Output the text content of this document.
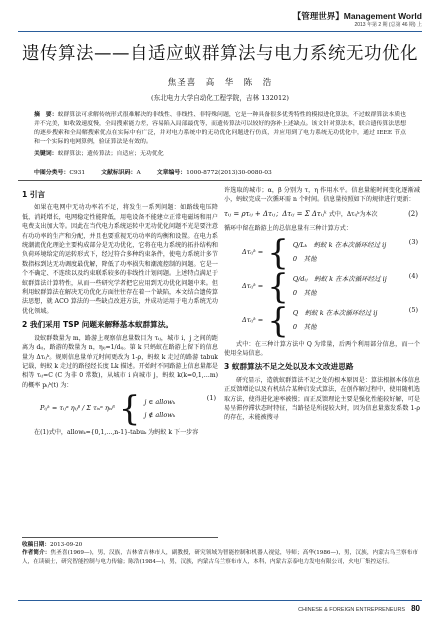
░░
【管理世界】Management World
2013 年第 2 期 (总第 46 期) 上
遗传算法——自适应蚁群算法与电力系统无功优化
焦圣喜　高　华　陈　浩
(东北电力大学自动化工程学院，吉林 132012)
摘　要：蚁群算法可求解传统形式很难解决的非线性、非线性、非特殊问题，它是一种具备很多优秀特性的模拟进化算法，不过蚁群算法本质也并不完美，如收敛速度慢，全局搜索能力差，容易陷入局部最优等，而遗传算法可以较好的弥补上述缺点。该文针对算法本，联合遗传算法思想的逐步搜索和全局解搜索优点在实际中有广泛，并对电力系统中的无功优化问题进行仿真，并应用到了电力系统无功优化中，通过 IEEE 节点和一个实际的电网算例，验证算法是有效的。
关键词：蚁群算法；遗传算法；自适应；无功优化
中图分类号：C931	文献标识码：A	文章编号：1000-8772(2013)30-0080-03
1 引言

如果在电网中无功功率若不足，将发生一系列问题：如路线电压降低，消耗增长，电网稳定性能降低，用电设备不能建立正常电磁场和用户电费支出加大等。因此在当代电力系统运转中无功优化问题不光是要注意有功功率的生产和分配，并且也要重视无功功率的均衡和设置。在电力系统潮流优化理论主要构成部分是无功优化，它将在电力系统的拓扑结构和负荷环境给定的运转形式下，经过符合多种约束条件，使电力系统计多节数指标到达无功调度最优解，降低了功率损失和潮流控制的问题。它是一个不确定、不连续以及约束联系较多的非线性计划问题。上述特点满足于蚁群算法计算特性，从而一些研究学者把它应用到无功优化问题中来。但利用蚁群算法在解决无功优化方面往往存在着一个缺陷，本文结合遗传算法思想，就 ACO 算法的一些缺点改进方法，并成功运用于电力系统无功优化领域。

2 我们采用 TSP 问题来解释基本蚁群算法。

设蚁群数量为 m，路游上观察信息量数目为 τᵢⱼ，城市 i，j 之间的距离为 dᵢⱼ，路游的数量为 n，ηᵢⱼ=1/dᵢⱼ。第 k 只蚂蚁在路游上留下的信息量为 Δτᵢⱼᵏ。规则信息量单元时间更改为 1-ρ，蚂蚁 k 走过的路游 tabuk 记载，蚂蚁 k 走过的路径经长度 Lk 描述。开始时不同路游上信息量都是相等 τᵢⱼ=C (C 为非 0 常数)，从城市 i 向城市 j，蚂蚁 k(k=0,1,…m) 的概率 pᵢⱼᵏ(t) 为：

Pᵢⱼᵏ = τᵢⱼᵅ ηᵢⱼᵝ / Σ τᵢₛᵅ ηᵢₛᵝ { j ∈ allowₖ
j ∉ allowₖ
(1)

在(1)式中，allowₖ={0,1,…,n-1}-tabuₖ 为蚂蚁 k 下一步容

许选取的城市；α，β 分别为 τ，η 作用水平。信息量能时间变化逐渐减小，蚂蚁完成一次循环需 n 个时间。信息量按照如下的规律进行更新：

τᵢⱼ = ρτᵢⱼ + Δτᵢⱼ；Δτᵢⱼ = Σ Δτᵢⱼᵏ 式中，Δτᵢⱼᵏ为本次	(2)

循环中留在路游上的总信息量有三种计算方式：

Δτᵢⱼᵏ = { Q/Lₖ　蚂蚁 k 在本次循环经过 ij
0　其他
(3)
Δτᵢⱼᵏ = { Q/dᵢⱼ　蚂蚁 k 在本次循环经过 ij
0　其他
(4)
Δτᵢⱼᵏ = { Q　蚂蚁 k 在本次循环经过 ij
0　其他
(5)

式中：在三种计算方法中 Q 为常量，后两个利用部分信息，而一个使用全局信息。

3 蚁群算法不足之处以及本文改进思路

研究显示，造就蚁群算法不足之处的根本原因是：算法根据本体信息正反馈增论以及有机结合某种启发式算法，在创作解过程中，使用随机选取方法，使得进化速率被慢；而正反馈理论主要是强化性能较好解，可是易呈滞停滞状态时特征，当路径是所提较大时，因为信息量蒸发系数 1-ρ 的存在，未能被搜寻

收稿日期：2013-09-20
作者简介：焦圣喜(1969—)，男，汉族，吉林省吉林市人，副教授，研究领域为智能控制和机器人视觉，导师；高华(1986—)，男，汉族，内蒙古乌兰察布市人，在读硕士，研究智能控制与电力传输；陈浩(1984—)，男，汉族，内蒙古乌兰察布市人，本科，内蒙古京泰电力发电有限公司，火电厂集控运行。
CHINESE & FOREIGN ENTREPRENEURS 80
